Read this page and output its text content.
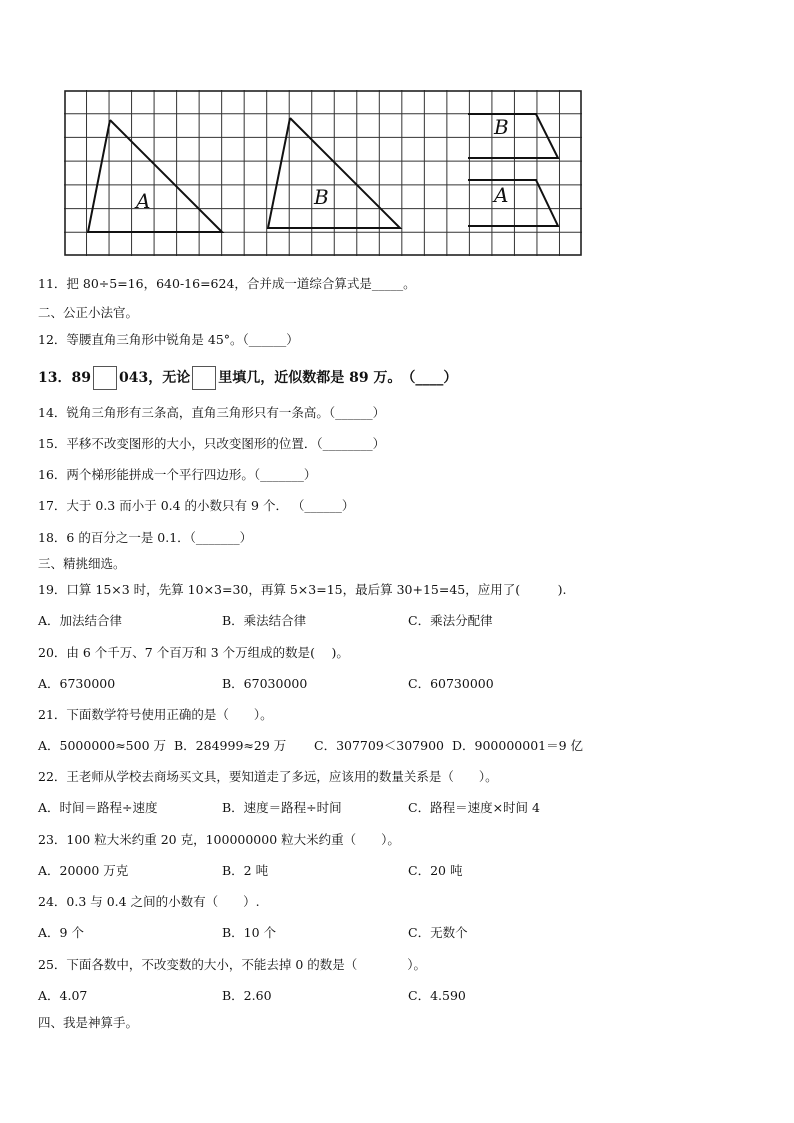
A	B
B
A
11．把 80÷5=16，640-16=624，合并成一道综合算式是_____。
二、公正小法官。
12．等腰直角三角形中锐角是 45°。（______）
13．89 043，无论 里填几，近似数都是 89 万。　（____）
14．锐角三角形有三条高，直角三角形只有一条高。（______）
15．平移不改变图形的大小，只改变图形的位置．（________）
16．两个梯形能拼成一个平行四边形。（_______）
17．大于 0.3 而小于 0.4 的小数只有 9 个． （______）
18．6 的百分之一是 0.1．（_______）
三、精挑细选。
19．口算 15×3 时，先算 10×3=30，再算 5×3=15，最后算 30+15=45，应用了(　　　).
A．加法结合律	B．乘法结合律	C．乘法分配律
20．由 6 个千万、7 个百万和 3 个万组成的数是(　 )。
A．6730000	B．67030000	C．60730000
21．下面数学符号使用正确的是（　　）。
A．5000000≈500 万 B．284999≈29 万 C．307709＜307900 D．900000001＝9 亿
22．王老师从学校去商场买文具，要知道走了多远，应该用的数量关系是（　　）。
A．时间＝路程÷速度	B．速度＝路程÷时间	C．路程＝速度×时间 4
23．100 粒大米约重 20 克，100000000 粒大米约重（　　）。
A．20000 万克	B．2 吨	C．20 吨
24．0.3 与 0.4 之间的小数有（　　）.
A．9 个	B．10 个	C．无数个
25．下面各数中，不改变数的大小，不能去掉 0 的数是（　　　　）。
A．4.07	B．2.60	C．4.590
四、我是神算手。
